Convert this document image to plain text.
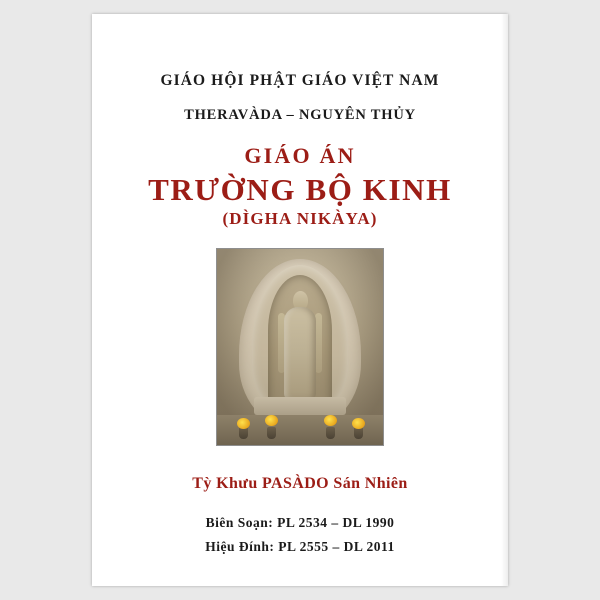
GIÁO HỘI PHẬT GIÁO VIỆT NAM
THERAVÀDA – NGUYÊN THỦY
GIÁO ÁN
TRƯỜNG BỘ KINH
(DÌGHA NIKÀYA)
Tỳ Khưu PASÀDO Sán Nhiên
Biên Soạn: PL 2534 – DL 1990
Hiệu Đính: PL 2555 – DL 2011
